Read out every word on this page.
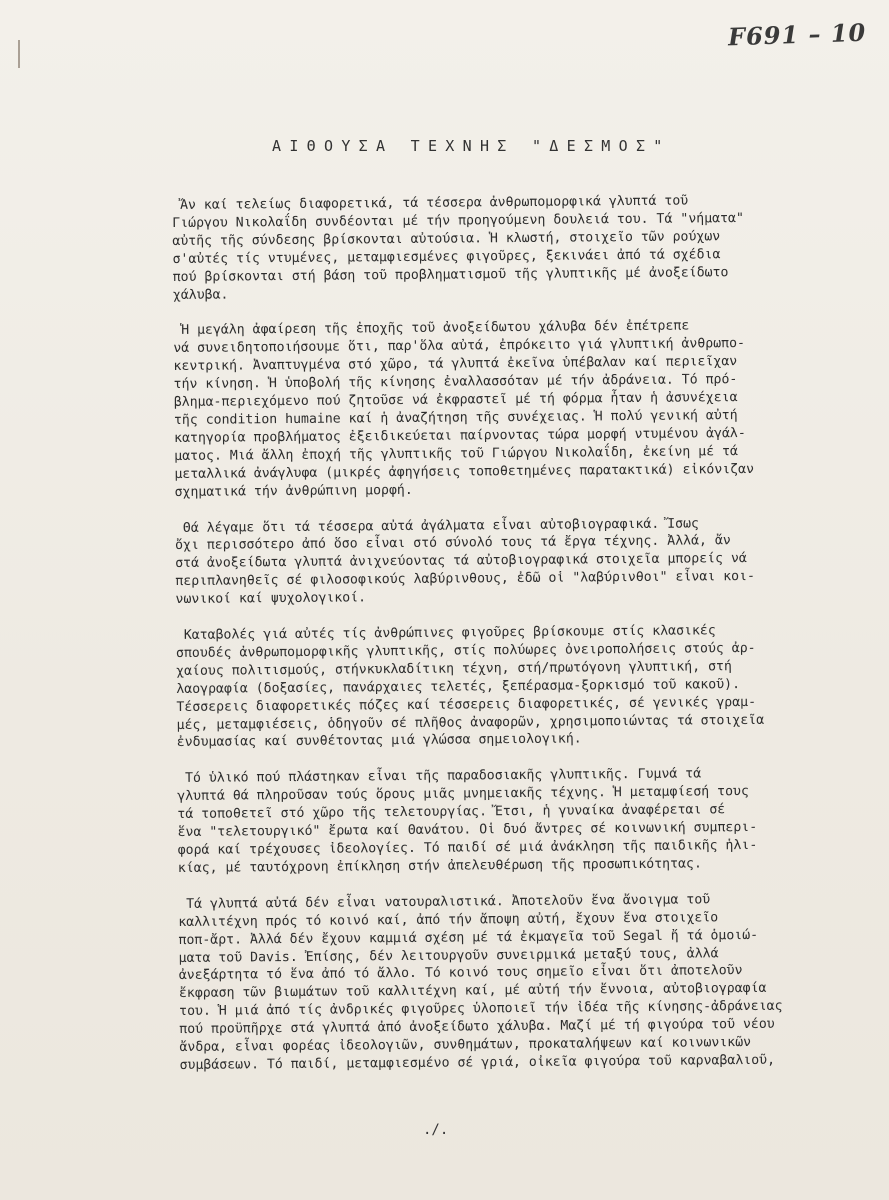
F691 – 10
ΑΙΘΟΥΣΑ ΤΕΧΝΗΣ "ΔΕΣΜΟΣ"
Ἄν καί τελείως διαφορετικά, τά τέσσερα ἀνθρωπομορφικά γλυπτά τοῦ
Γιώργου Νικολαΐδη συνδέονται μέ τήν προηγούμενη δουλειά του. Τά "νήματα"
αὐτῆς τῆς σύνδεσης βρίσκονται αὐτούσια. Ἡ κλωστή, στοιχεῖο τῶν ρούχων
σ'αὐτές τίς ντυμένες, μεταμφιεσμένες φιγοῦρες, ξεκινάει ἀπό τά σχέδια
πού βρίσκονται στή βάση τοῦ προβληματισμοῦ τῆς γλυπτικῆς μέ ἀνοξείδωτο
χάλυβα.
Ἡ μεγάλη ἀφαίρεση τῆς ἐποχῆς τοῦ ἀνοξείδωτου χάλυβα δέν ἐπέτρεπε
νά συνειδητοποιήσουμε ὅτι, παρ'ὅλα αὐτά, ἐπρόκειτο γιά γλυπτική ἀνθρωπο-
κεντρική. Ἀναπτυγμένα στό χῶρο, τά γλυπτά ἐκεῖνα ὑπέβαλαν καί περιεῖχαν
τήν κίνηση. Ἡ ὑποβολή τῆς κίνησης ἐναλλασσόταν μέ τήν ἀδράνεια. Τό πρό-
βλημα-περιεχόμενο πού ζητοῦσε νά ἐκφραστεῖ μέ τή φόρμα ἦταν ἡ ἀσυνέχεια
τῆς condition humaine καί ἡ ἀναζήτηση τῆς συνέχειας. Ἡ πολύ γενική αὐτή
κατηγορία προβλήματος ἐξειδικεύεται παίρνοντας τώρα μορφή ντυμένου ἀγάλ-
ματος. Μιά ἄλλη ἐποχή τῆς γλυπτικῆς τοῦ Γιώργου Νικολαΐδη, ἐκείνη μέ τά
μεταλλικά ἀνάγλυφα (μικρές ἀφηγήσεις τοποθετημένες παρατακτικά) εἰκόνιζαν
σχηματικά τήν ἀνθρώπινη μορφή.
Θά λέγαμε ὅτι τά τέσσερα αὐτά ἀγάλματα εἶναι αὐτοβιογραφικά. Ἴσως
ὄχι περισσότερο ἀπό ὅσο εἶναι στό σύνολό τους τά ἔργα τέχνης. Ἀλλά, ἄν
στά ἀνοξείδωτα γλυπτά ἀνιχνεύοντας τά αὐτοβιογραφικά στοιχεῖα μπορείς νά
περιπλανηθεῖς σέ φιλοσοφικούς λαβύρινθους, ἐδῶ οἱ "λαβύρινθοι" εἶναι κοι-
νωνικοί καί ψυχολογικοί.
Καταβολές γιά αὐτές τίς ἀνθρώπινες φιγοῦρες βρίσκουμε στίς κλασικές
σπουδές ἀνθρωπομορφικῆς γλυπτικῆς, στίς πολύωρες ὀνειροπολήσεις στούς ἀρ-
χαίους πολιτισμούς, στήνκυκλαδίτικη τέχνη, στή/πρωτόγονη γλυπτική, στή
λαογραφία (δοξασίες, πανάρχαιες τελετές, ξεπέρασμα-ξορκισμό τοῦ κακοῦ).
Τέσσερεις διαφορετικές πόζες καί τέσσερεις διαφορετικές, σέ γενικές γραμ-
μές, μεταμφιέσεις, ὁδηγοῦν σέ πλῆθος ἀναφορῶν, χρησιμοποιώντας τά στοιχεῖα
ἐνδυμασίας καί συνθέτοντας μιά γλώσσα σημειολογική.
Τό ὑλικό πού πλάστηκαν εἶναι τῆς παραδοσιακῆς γλυπτικῆς. Γυμνά τά
γλυπτά θά πληροῦσαν τούς ὅρους μιᾶς μνημειακῆς τέχνης. Ἡ μεταμφίεσή τους
τά τοποθετεῖ στό χῶρο τῆς τελετουργίας. Ἔτσι, ἡ γυναίκα ἀναφέρεται σέ
ἕνα "τελετουργικό" ἔρωτα καί Θανάτου. Οἱ δυό ἄντρες σέ κοινωνική συμπερι-
φορά καί τρέχουσες ἰδεολογίες. Τό παιδί σέ μιά ἀνάκληση τῆς παιδικῆς ἡλι-
κίας, μέ ταυτόχρονη ἐπίκληση στήν ἀπελευθέρωση τῆς προσωπικότητας.
Τά γλυπτά αὐτά δέν εἶναι νατουραλιστικά. Ἀποτελοῦν ἕνα ἄνοιγμα τοῦ
καλλιτέχνη πρός τό κοινό καί, ἀπό τήν ἄποψη αὐτή, ἔχουν ἕνα στοιχεῖο
ποπ-ἄρτ. Ἀλλά δέν ἔχουν καμμιά σχέση μέ τά ἐκμαγεῖα τοῦ Segal ἤ τά ὁμοιώ-
ματα τοῦ Davis. Ἐπίσης, δέν λειτουργοῦν συνειρμικά μεταξύ τους, ἀλλά
ἀνεξάρτητα τό ἕνα ἀπό τό ἄλλο. Τό κοινό τους σημεῖο εἶναι ὅτι ἀποτελοῦν
ἔκφραση τῶν βιωμάτων τοῦ καλλιτέχνη καί, μέ αὐτή τήν ἔννοια, αὐτοβιογραφία
του. Ἡ μιά ἀπό τίς ἀνδρικές φιγοῦρες ὑλοποιεῖ τήν ἰδέα τῆς κίνησης-ἀδράνειας
πού προϋπῆρχε στά γλυπτά ἀπό ἀνοξείδωτο χάλυβα. Μαζί μέ τή φιγούρα τοῦ νέου
ἄνδρα, εἶναι φορέας ἰδεολογιῶν, συνθημάτων, προκαταλήψεων καί κοινωνικῶν
συμβάσεων. Τό παιδί, μεταμφιεσμένο σέ γριά, οἰκεῖα φιγούρα τοῦ καρναβαλιοῦ,
./.
